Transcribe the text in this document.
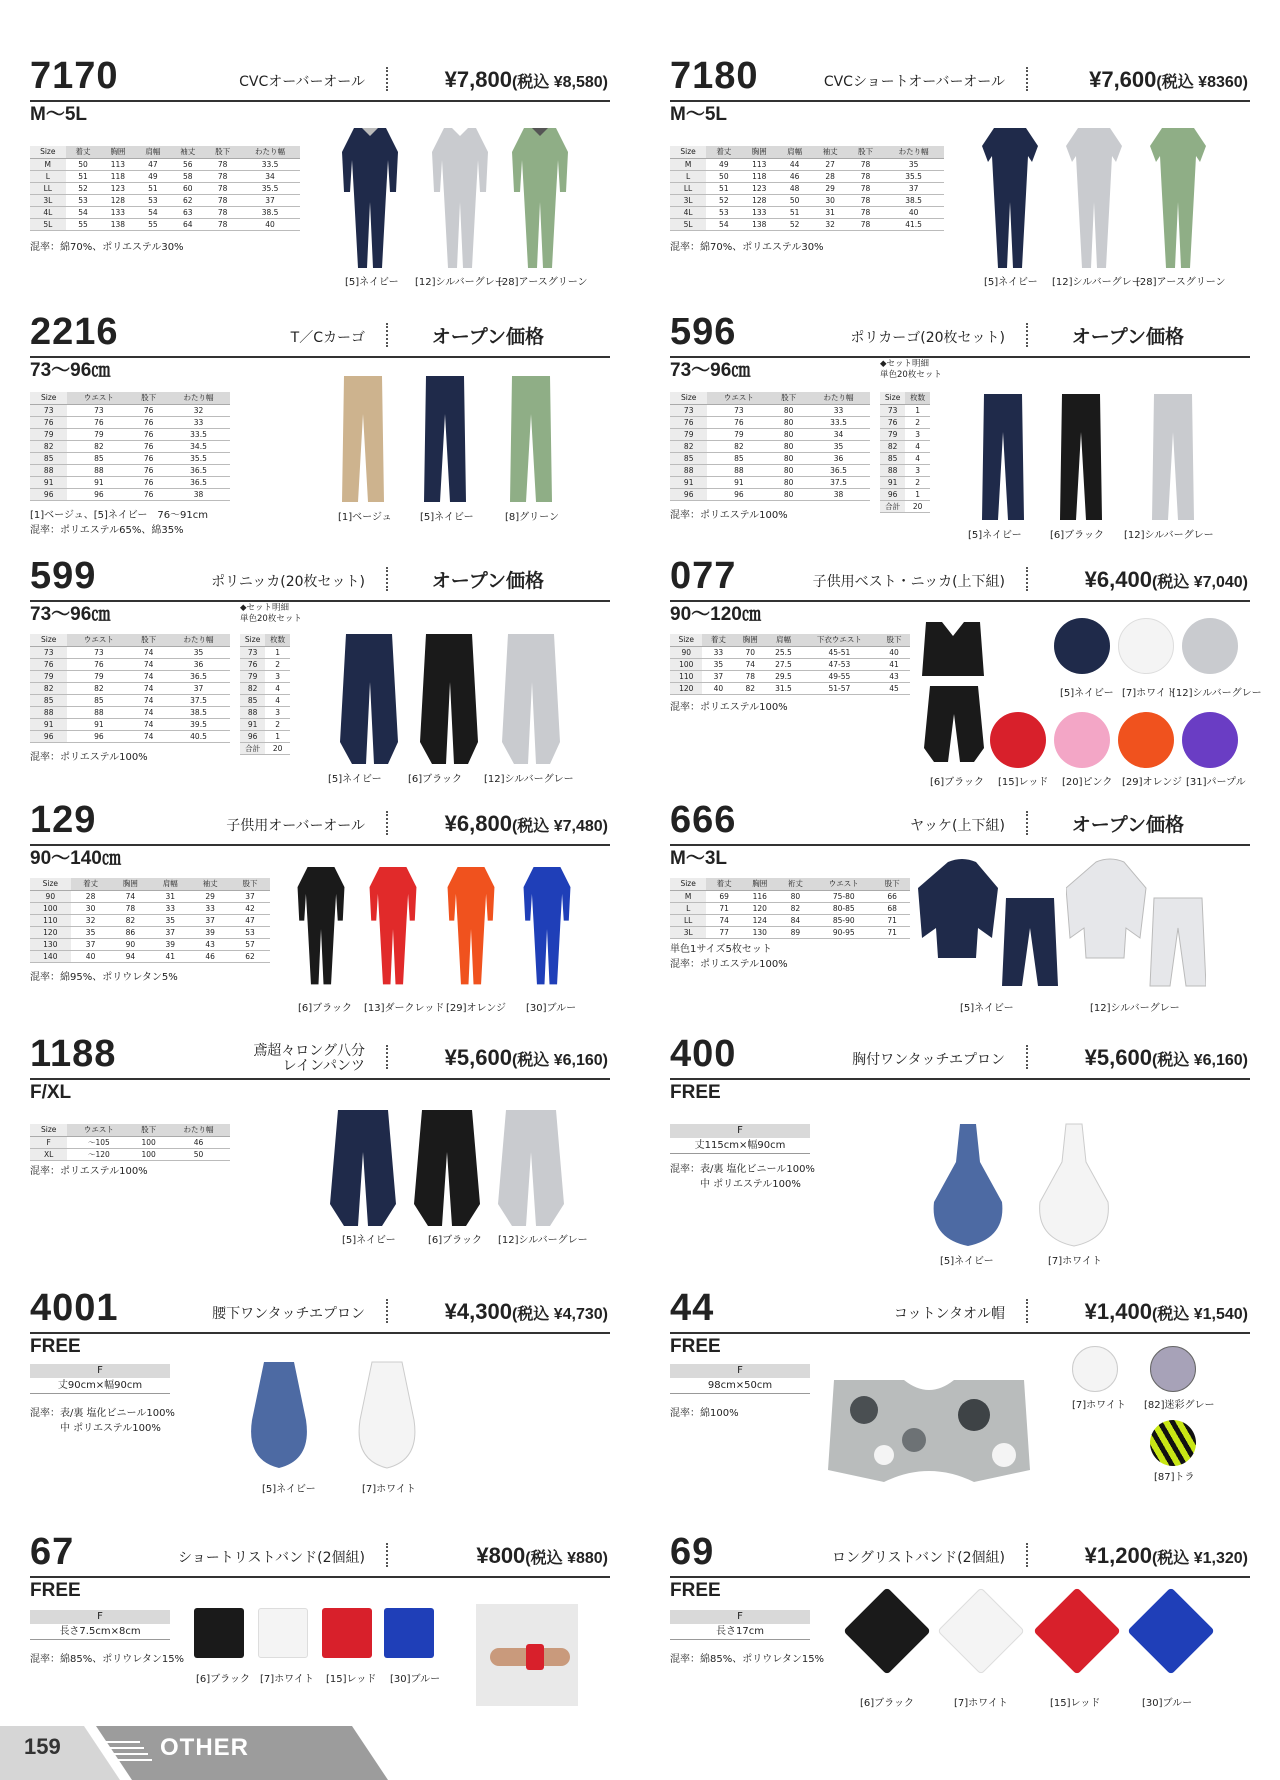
7170	CVCオーバーオール	¥7,800(税込 ¥8,580)
M～5L
Size	着丈	胸囲	肩幅	袖丈	股下	わたり幅
M	50	113	47	56	78	33.5
L	51	118	49	58	78	34
LL	52	123	51	60	78	35.5
3L	53	128	53	62	78	37
4L	54	133	54	63	78	38.5
5L	55	138	55	64	78	40
混率：綿70%、ポリエステル30%
[5]ネイビー [12]シルバーグレー
[28]アースグリーン
2216	T／Cカーゴ	オープン価格
73～96㎝
Size	ウエスト	股下	わたり幅
73	73	76	32
76	76	76	33
79	79	76	33.5
82	82	76	34.5
85	85	76	35.5
88	88	76	36.5
91	91	76	36.5
96	96	76	38
[1]ベージュ、[5]ネイビー　76～91cm
混率：ポリエステル65%、綿35%
[1]ベージュ	[5]ネイビー	[8]グリーン
599	ポリニッカ(20枚セット)	オープン価格
73～96㎝	◆セット明細
単色20枚セット
Size	ウエスト	股下	わたり幅
73	73	74	35
76	76	74	36
79	79	74	36.5
82	82	74	37
85	85	74	37.5
88	88	74	38.5
91	91	74	39.5
96	96	74	40.5
Size	枚数
73	1
76	2
79	3
82	4
85	4
88	3
91	2
96	1
合計	20
混率：ポリエステル100%
[5]ネイビー	[6]ブラック [12]シルバーグレー
129	子供用オーバーオール	¥6,800(税込 ¥7,480)
90～140㎝
Size	着丈	胸囲	肩幅	袖丈	股下
90	28	74	31	29	37
100	30	78	33	33	42
110	32	82	35	37	47
120	35	86	37	39	53
130	37	90	39	43	57
140	40	94	41	46	62
混率：綿95%、ポリウレタン5%
[6]ブラック [13]ダークレッド [29]オレンジ [30]ブルー
1188	鳶超々ロング八分
レインパンツ	¥5,600(税込 ¥6,160)
F/XL
Size	ウエスト	股下	わたり幅
F	～105	100	46
XL	～120	100	50
混率：ポリエステル100%
[5]ネイビー	[6]ブラック [12]シルバーグレー
4001	腰下ワンタッチエプロン	¥4,300(税込 ¥4,730)
FREE
F
丈90cm×幅90cm
混率：表/裏 塩化ビニール100%
　　　中 ポリエステル100%
[5]ネイビー	[7]ホワイト
67	ショートリストバンド(2個組)	¥800(税込 ¥880)
FREE
F
長さ7.5cm×8cm
混率：綿85%、ポリウレタン15%
[6]ブラック [7]ホワイト [15]レッド [30]ブルー
7180	CVCショートオーバーオール	¥7,600(税込 ¥8360)
M～5L
Size	着丈	胸囲	肩幅	袖丈	股下	わたり幅
M	49	113	44	27	78	35
L	50	118	46	28	78	35.5
LL	51	123	48	29	78	37
3L	52	128	50	30	78	38.5
4L	53	133	51	31	78	40
5L	54	138	52	32	78	41.5
混率：綿70%、ポリエステル30%
[5]ネイビー [12]シルバーグレー
[28]アースグリーン
596	ポリカーゴ(20枚セット)	オープン価格
73～96㎝	◆セット明細
単色20枚セット
Size	ウエスト	股下	わたり幅
73	73	80	33
76	76	80	33.5
79	79	80	34
82	82	80	35
85	85	80	36
88	88	80	36.5
91	91	80	37.5
96	96	80	38
Size	枚数
73	1
76	2
79	3
82	4
85	4
88	3
91	2
96	1
合計	20
混率：ポリエステル100%
[5]ネイビー	[6]ブラック [12]シルバーグレー
077	子供用ベスト・ニッカ(上下組)	¥6,400(税込 ¥7,040)
90～120㎝
Size	着丈	胸囲	肩幅	下衣ウエスト	股下
90	33	70	25.5	45-51	40
100	35	74	27.5	47-53	41
110	37	78	29.5	49-55	43
120	40	82	31.5	51-57	45
混率：ポリエステル100%
[6]ブラック
[5]ネイビー [7]ホワイト
[12]シルバーグレー
[15]レッド [20]ピンク [29]オレンジ [31]パープル
666	ヤッケ(上下組)	オープン価格
M～3L
Size	着丈	胸囲	裄丈	ウエスト	股下
M	69	116	80	75-80	66
L	71	120	82	80-85	68
LL	74	124	84	85-90	71
3L	77	130	89	90-95	71
単色1サイズ5枚セット
混率：ポリエステル100%
[5]ネイビー	[12]シルバーグレー
400	胸付ワンタッチエプロン	¥5,600(税込 ¥6,160)
FREE
F
丈115cm×幅90cm
混率：表/裏 塩化ビニール100%
　　　中 ポリエステル100%
[5]ネイビー	[7]ホワイト
44	コットンタオル帽	¥1,400(税込 ¥1,540)
FREE
F
98cm×50cm
混率：綿100%
[7]ホワイト [82]迷彩グレー
[87]トラ
69	ロングリストバンド(2個組)	¥1,200(税込 ¥1,320)
FREE
F
長さ17cm
混率：綿85%、ポリウレタン15%
[6]ブラック	[7]ホワイト	[15]レッド	[30]ブルー
159	OTHER
